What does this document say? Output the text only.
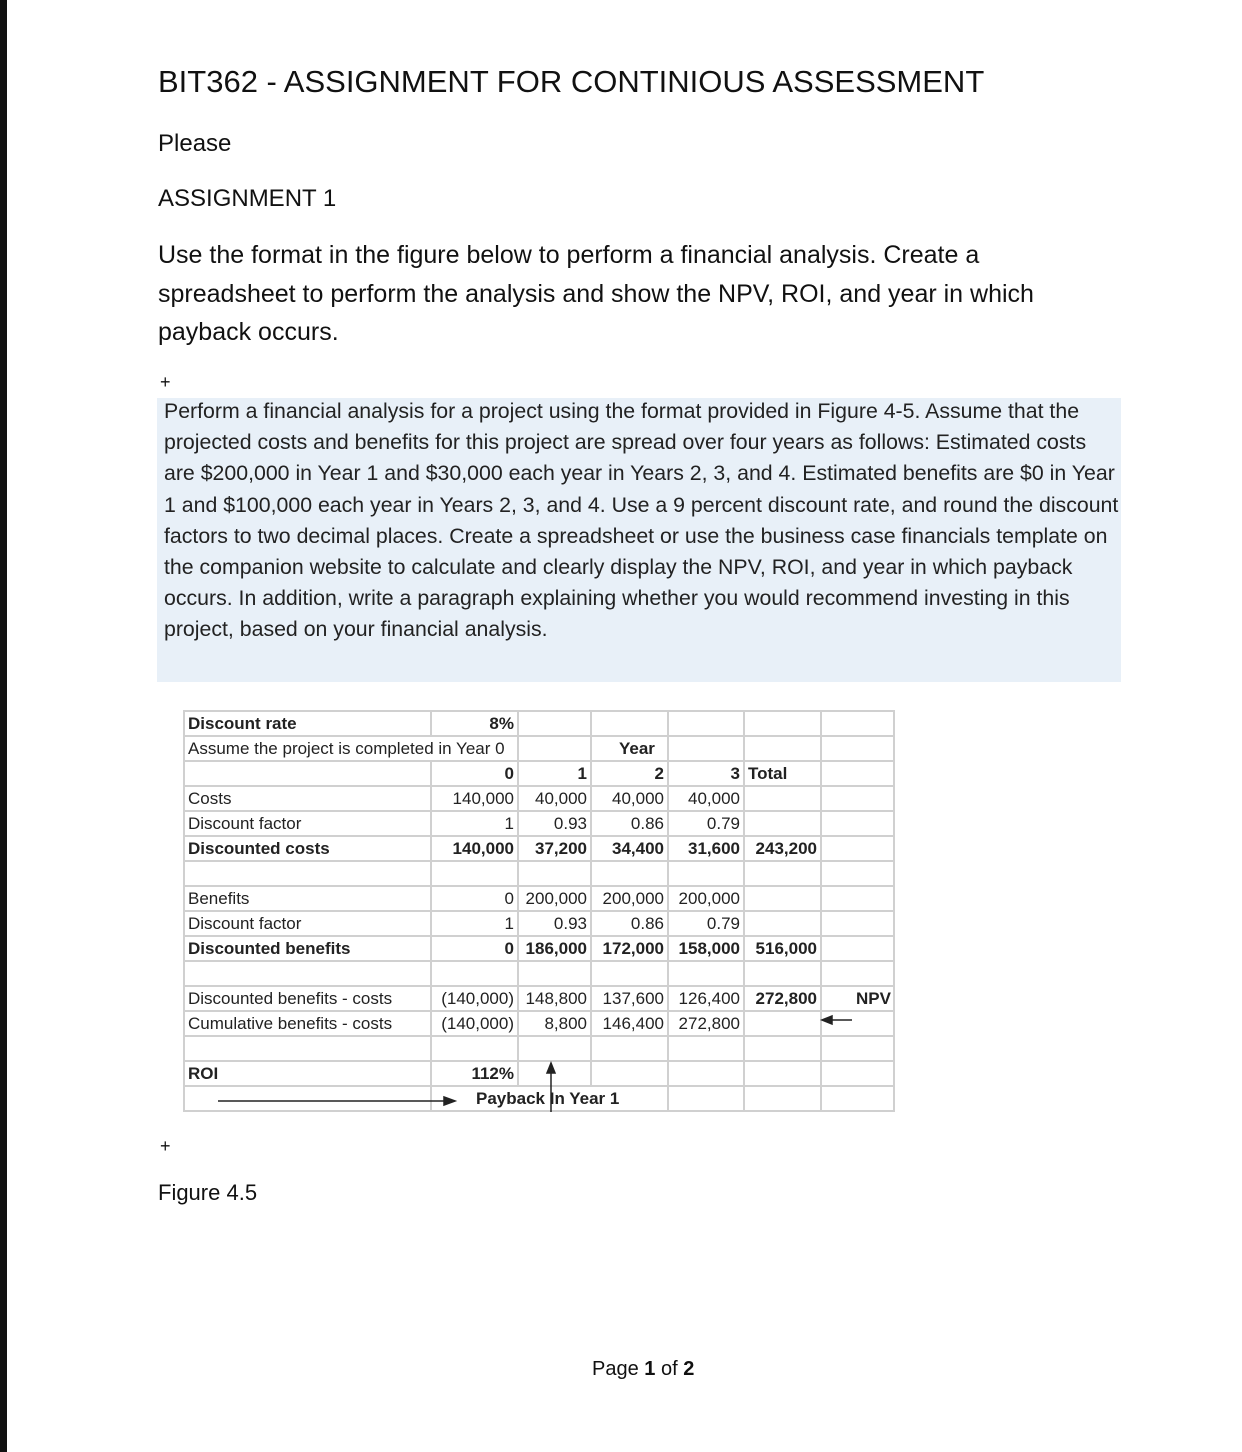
BIT362 - ASSIGNMENT FOR CONTINIOUS ASSESSMENT
Please
ASSIGNMENT 1
Use the format in the figure below to perform a financial analysis. Create a spreadsheet to perform the analysis and show the NPV, ROI, and year in which payback occurs.
+
Perform a financial analysis for a project using the format provided in Figure 4-5. Assume that the projected costs and benefits for this project are spread over four years as follows: Estimated costs are $200,000 in Year 1 and $30,000 each year in Years 2, 3, and 4. Estimated benefits are $0 in Year 1 and $100,000 each year in Years 2, 3, and 4. Use a 9 percent discount rate, and round the discount factors to two decimal places. Create a spreadsheet or use the business case financials template on the companion website to calculate and clearly display the NPV, ROI, and year in which payback occurs. In addition, write a paragraph explaining whether you would recommend investing in this project, based on your financial analysis.
Discount rate	8%					
Assume the project is completed in Year 0			Year			
	0	1	2	3	Total	
Costs	140,000	40,000	40,000	40,000		
Discount factor	1	0.93	0.86	0.79		
Discounted costs	140,000	37,200	34,400	31,600	243,200	

Benefits	0	200,000	200,000	200,000		
Discount factor	1	0.93	0.86	0.79		
Discounted benefits	0	186,000	172,000	158,000	516,000	

Discounted benefits - costs	(140,000)	148,800	137,600	126,400	272,800	NPV
Cumulative benefits - costs	(140,000)	8,800	146,400	272,800		

ROI	112%					
	Payback In Year 1					
+
Figure 4.5
Page 1 of 2
